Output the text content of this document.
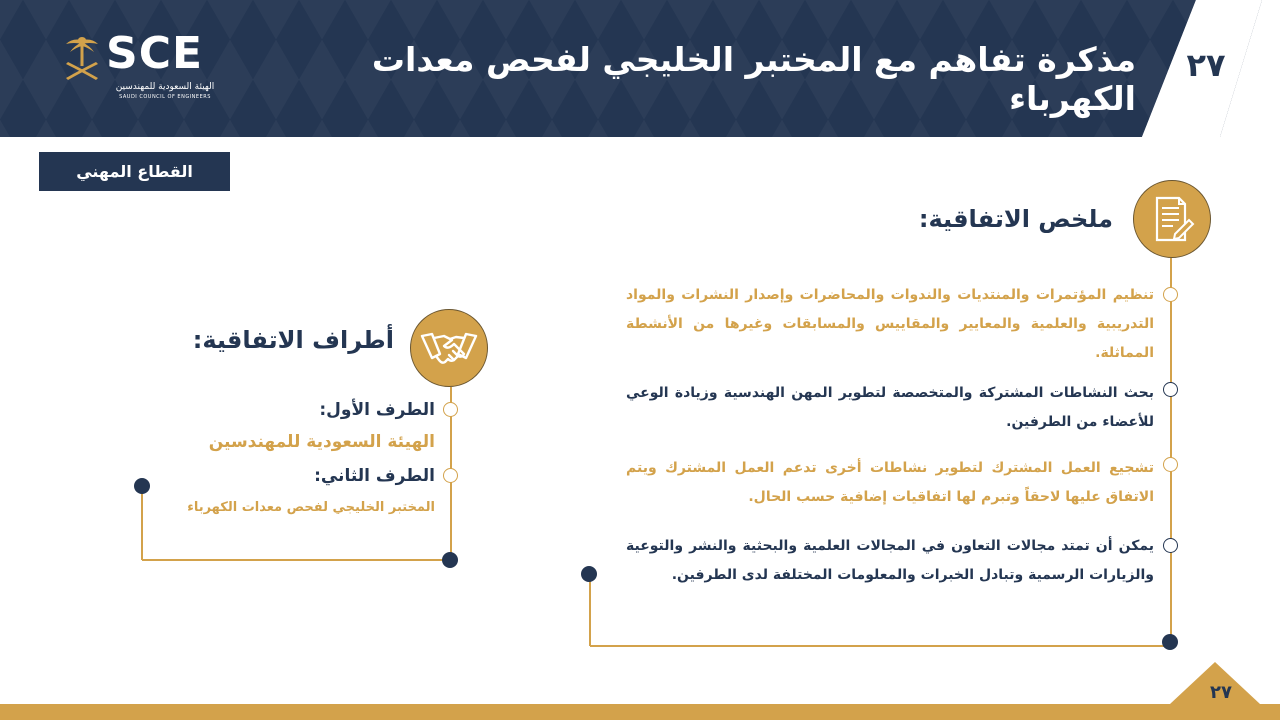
SCE
الهيئة السعودية للمهندسين
SAUDI COUNCIL OF ENGINEERS
مذكرة تفاهم مع المختبر الخليجي لفحص معدات الكهرباء
٢٧
القطاع المهني
ملخص الاتفاقية:
تنظيم المؤتمرات والمنتديات والندوات والمحاضرات وإصدار النشرات والمواد التدريبية والعلمية والمعايير والمقاييس والمسابقات وغيرها من الأنشطة المماثلة.
بحث النشاطات المشتركة والمتخصصة لتطوير المهن الهندسية وزيادة الوعي للأعضاء من الطرفين.
تشجيع العمل المشترك لتطوير نشاطات أخرى تدعم العمل المشترك ويتم الاتفاق عليها لاحقاً وتبرم لها اتفاقيات إضافية حسب الحال.
يمكن أن تمتد مجالات التعاون في المجالات العلمية والبحثية والنشر والتوعية والزيارات الرسمية وتبادل الخبرات والمعلومات المختلفة لدى الطرفين.
أطراف الاتفاقية:
الطرف الأول:
الهيئة السعودية للمهندسين
الطرف الثاني:
المختبر الخليجي لفحص معدات الكهرباء
٢٧
